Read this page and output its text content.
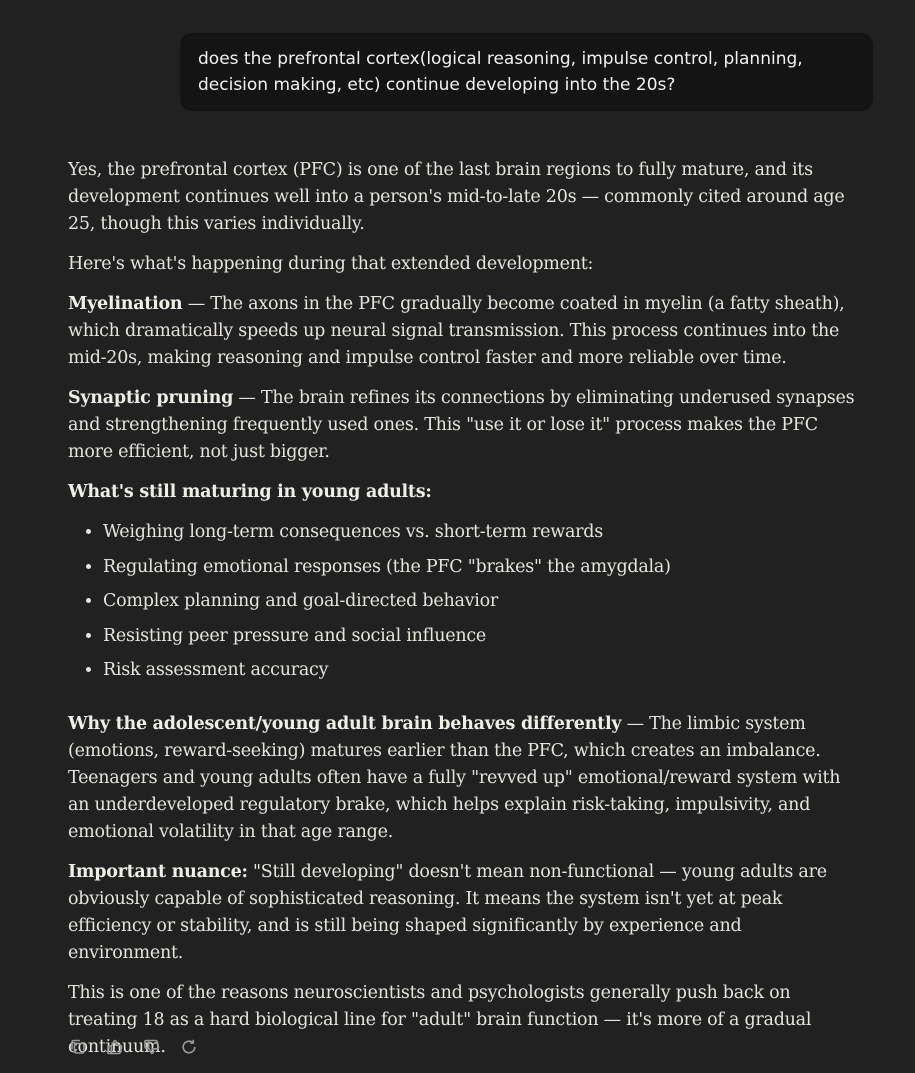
does the prefrontal cortex(logical reasoning, impulse control, planning, decision making, etc) continue developing into the 20s?

Yes, the prefrontal cortex (PFC) is one of the last brain regions to fully mature, and its development continues well into a person's mid-to-late 20s — commonly cited around age 25, though this varies individually.

Here's what's happening during that extended development:

Myelination — The axons in the PFC gradually become coated in myelin (a fatty sheath), which dramatically speeds up neural signal transmission. This process continues into the mid-20s, making reasoning and impulse control faster and more reliable over time.

Synaptic pruning — The brain refines its connections by eliminating underused synapses and strengthening frequently used ones. This "use it or lose it" process makes the PFC more efficient, not just bigger.

What's still maturing in young adults:

• Weighing long-term consequences vs. short-term rewards
• Regulating emotional responses (the PFC "brakes" the amygdala)
• Complex planning and goal-directed behavior
• Resisting peer pressure and social influence
• Risk assessment accuracy

Why the adolescent/young adult brain behaves differently — The limbic system (emotions, reward-seeking) matures earlier than the PFC, which creates an imbalance. Teenagers and young adults often have a fully "revved up" emotional/reward system with an underdeveloped regulatory brake, which helps explain risk-taking, impulsivity, and emotional volatility in that age range.

Important nuance: "Still developing" doesn't mean non-functional — young adults are obviously capable of sophisticated reasoning. It means the system isn't yet at peak efficiency or stability, and is still being shaped significantly by experience and environment.

This is one of the reasons neuroscientists and psychologists generally push back on treating 18 as a hard biological line for "adult" brain function — it's more of a gradual continuum.
